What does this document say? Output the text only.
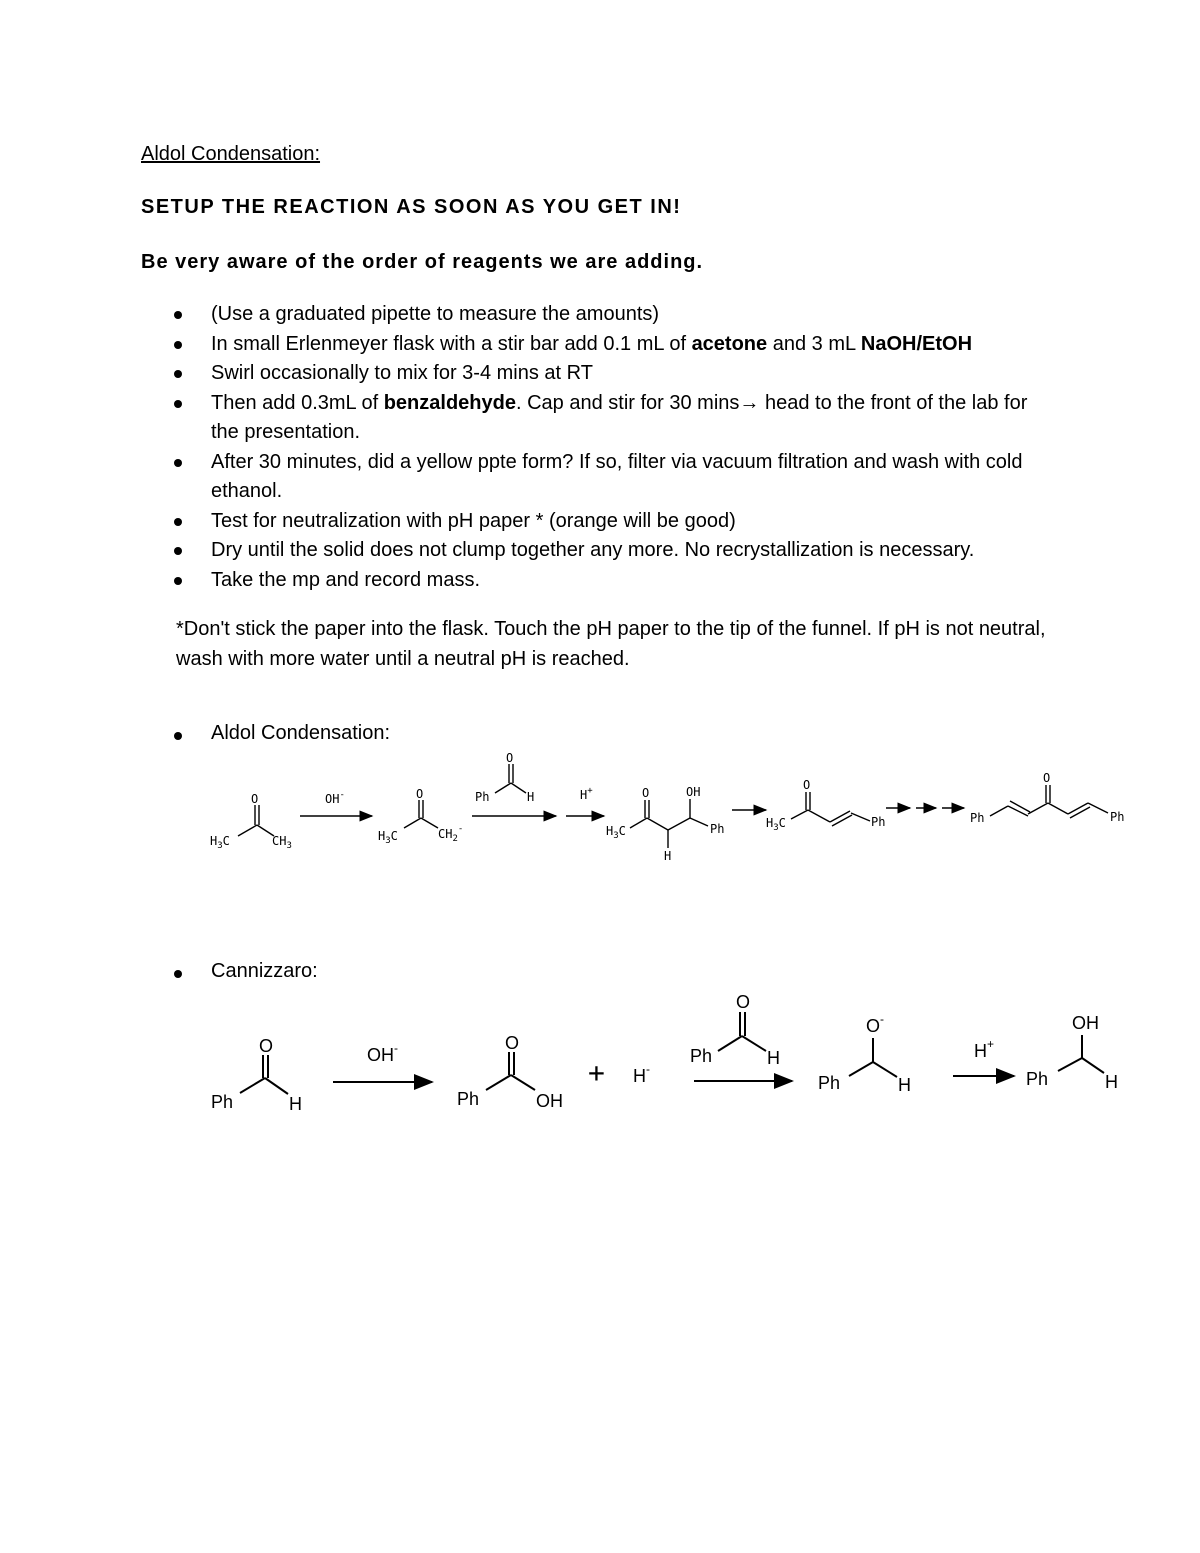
Aldol Condensation:
SETUP THE REACTION AS SOON AS YOU GET IN!
Be very aware of the order of reagents we are adding.
(Use a graduated pipette to measure the amounts)
In small Erlenmeyer flask with a stir bar add 0.1 mL of acetone and 3 mL NaOH/EtOH
Swirl occasionally to mix for 3-4 mins at RT
Then add 0.3mL of benzaldehyde. Cap and stir for 30 mins→ head to the front of the lab for the presentation.
After 30 minutes, did a yellow ppte form? If so, filter via vacuum filtration and wash with cold ethanol.
Test for neutralization with pH paper * (orange will be good)
Dry until the solid does not clump together any more. No recrystallization is necessary.
Take the mp and record mass.
*Don't stick the paper into the flask. Touch the pH paper to the tip of the funnel. If pH is not neutral, wash with more water until a neutral pH is reached.
Aldol Condensation:
Cannizzaro:
O
$H_3C$	$CH_3$
OH-	O
$H_3C$	$CH_2^-$
O
Ph	H	H+	O
$H_3C$
H
OH
Ph
O
$H_3C$	Ph
O
Ph	Ph
O
Ph	H
OH-	O
Ph	OH
+ H-
O
Ph	H
O-
Ph	H
H+
OH
Ph	H
